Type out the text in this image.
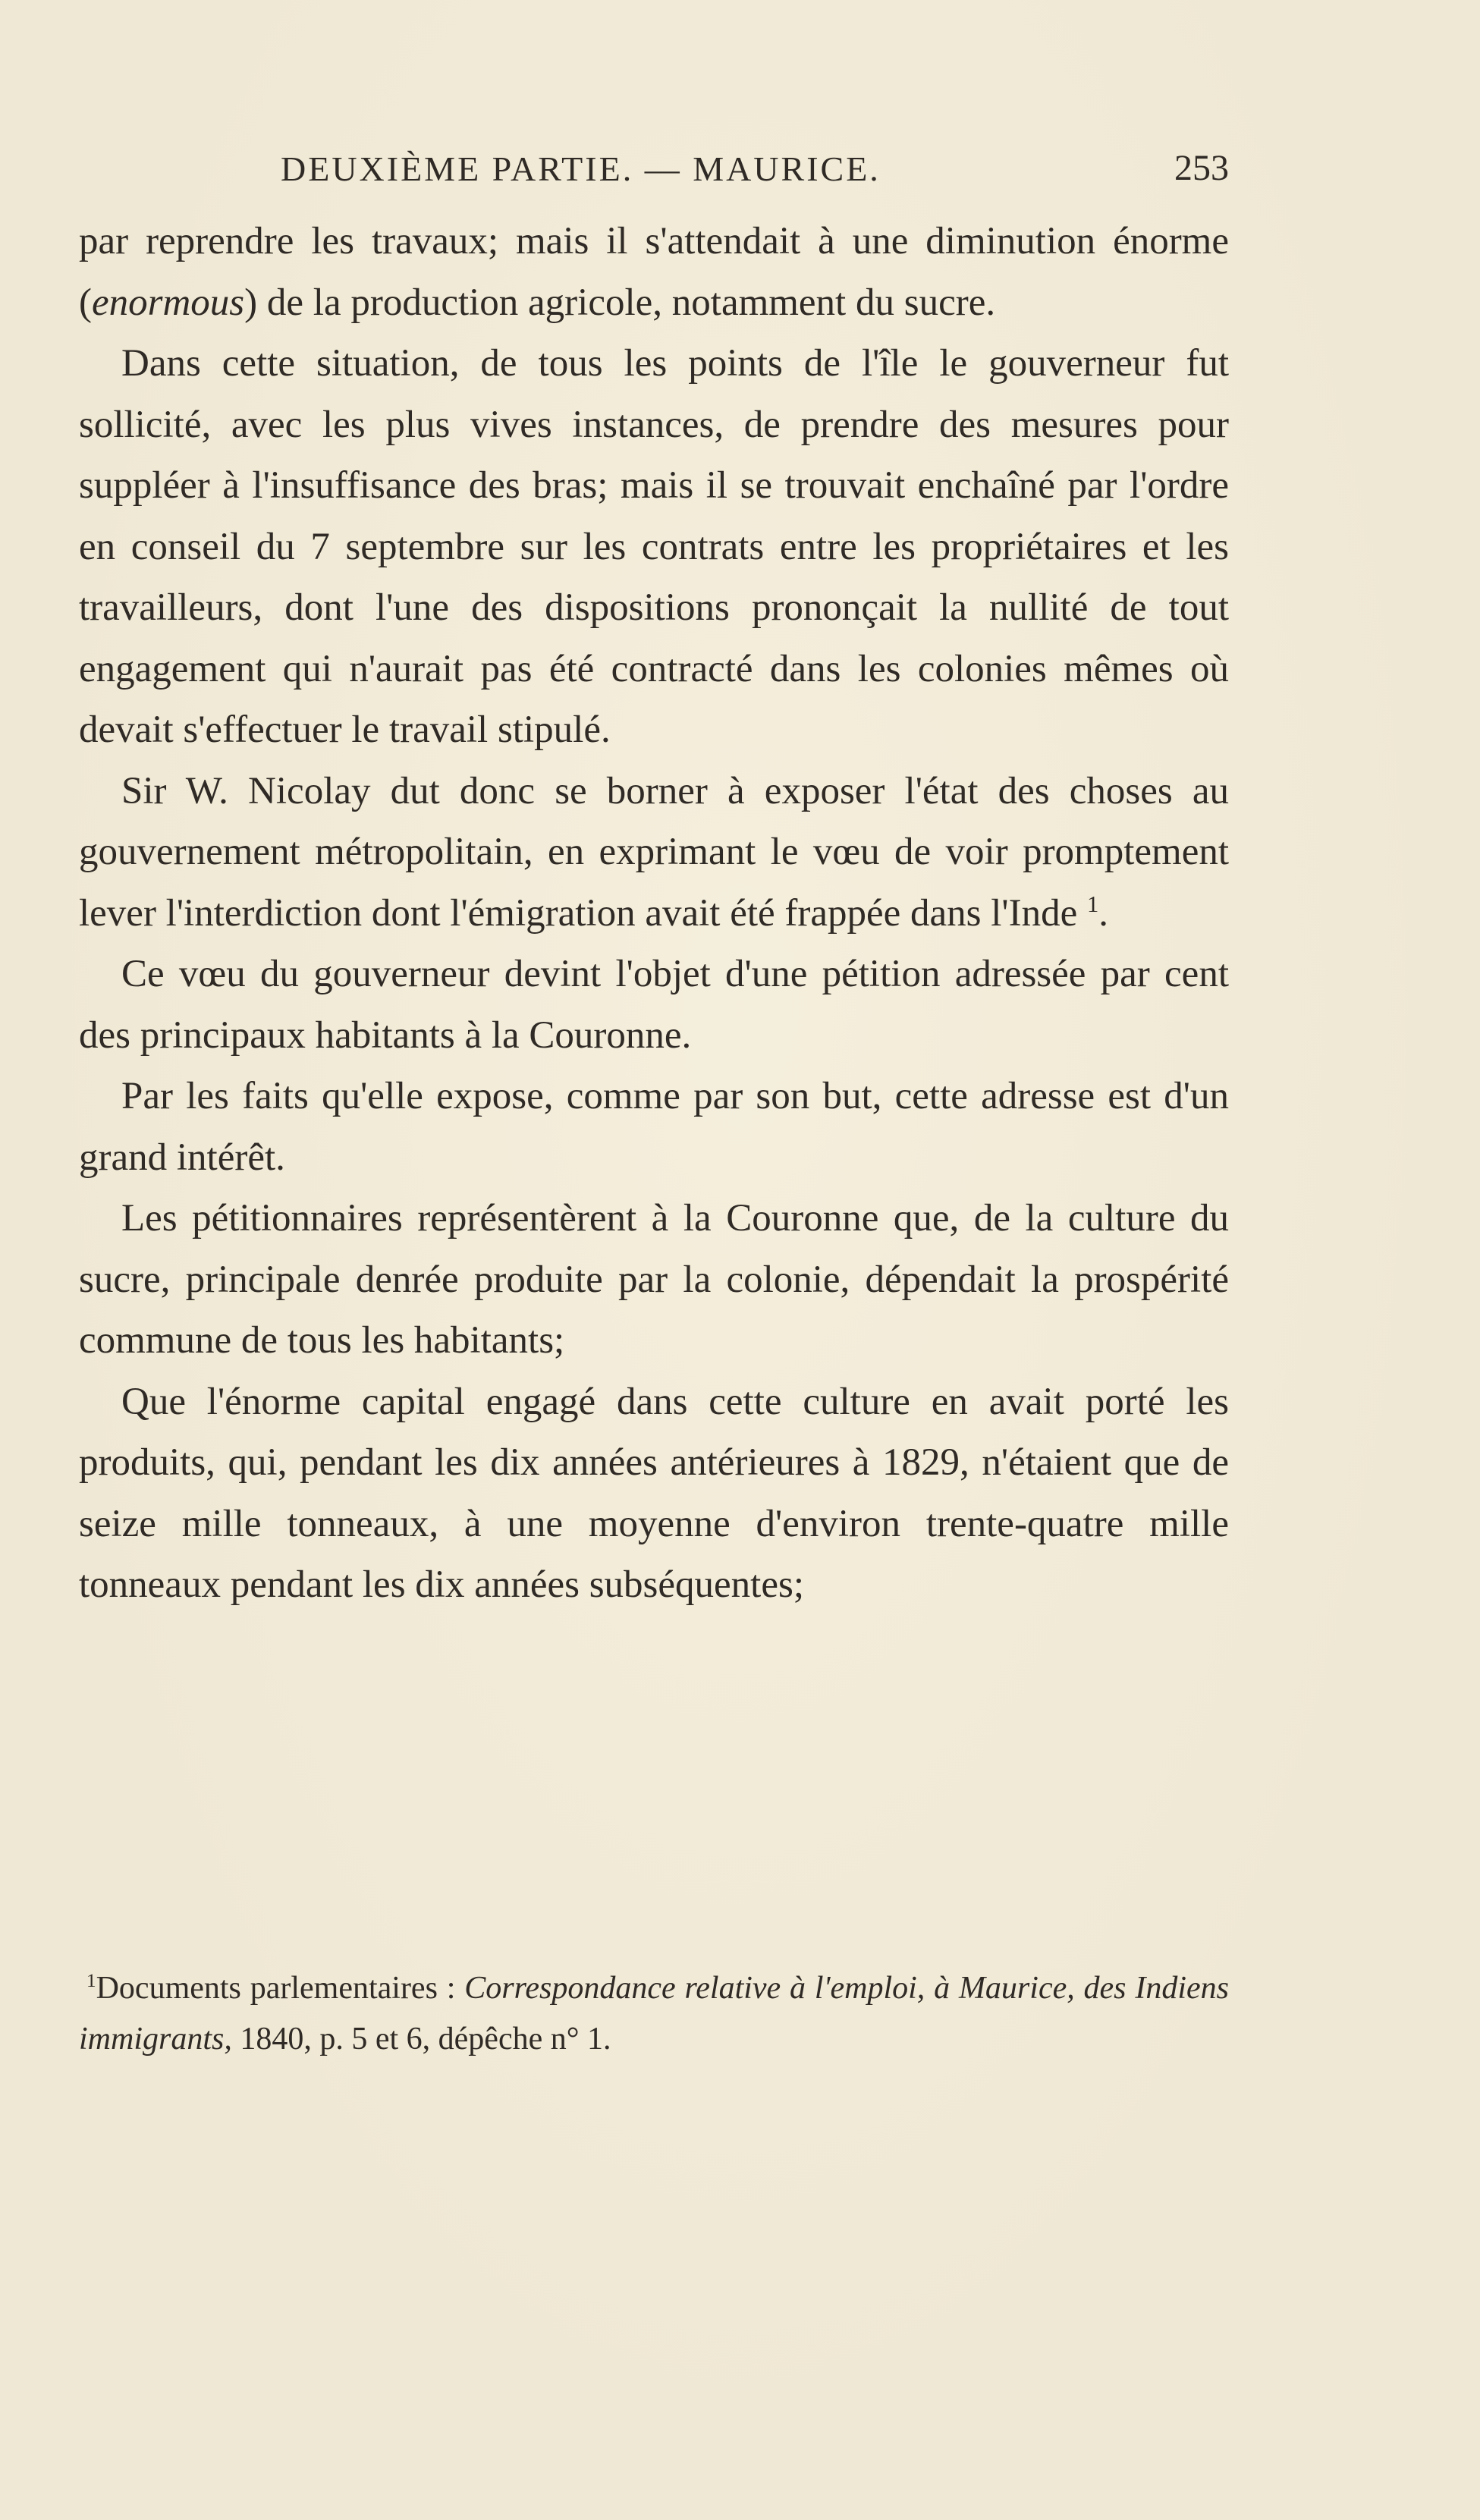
DEUXIÈME PARTIE. — MAURICE.	253

par reprendre les travaux; mais il s'attendait à une diminution énorme (enormous) de la production agricole, notamment du sucre.

Dans cette situation, de tous les points de l'île le gouverneur fut sollicité, avec les plus vives instances, de prendre des mesures pour suppléer à l'insuffisance des bras; mais il se trouvait enchaîné par l'ordre en conseil du 7 septembre sur les contrats entre les propriétaires et les travailleurs, dont l'une des dispositions prononçait la nullité de tout engagement qui n'aurait pas été contracté dans les colonies mêmes où devait s'effectuer le travail stipulé.

Sir W. Nicolay dut donc se borner à exposer l'état des choses au gouvernement métropolitain, en exprimant le vœu de voir promptement lever l'interdiction dont l'émigration avait été frappée dans l'Inde $^1$.

Ce vœu du gouverneur devint l'objet d'une pétition adressée par cent des principaux habitants à la Couronne.

Par les faits qu'elle expose, comme par son but, cette adresse est d'un grand intérêt.

Les pétitionnaires représentèrent à la Couronne que, de la culture du sucre, principale denrée produite par la colonie, dépendait la prospérité commune de tous les habitants;

Que l'énorme capital engagé dans cette culture en avait porté les produits, qui, pendant les dix années antérieures à 1829, n'étaient que de seize mille tonneaux, à une moyenne d'environ trente-quatre mille tonneaux pendant les dix années subséquentes;

$^1$Documents parlementaires : Correspondance relative à l'emploi, à Maurice, des Indiens immigrants, 1840, p. 5 et 6, dépêche n° 1.
